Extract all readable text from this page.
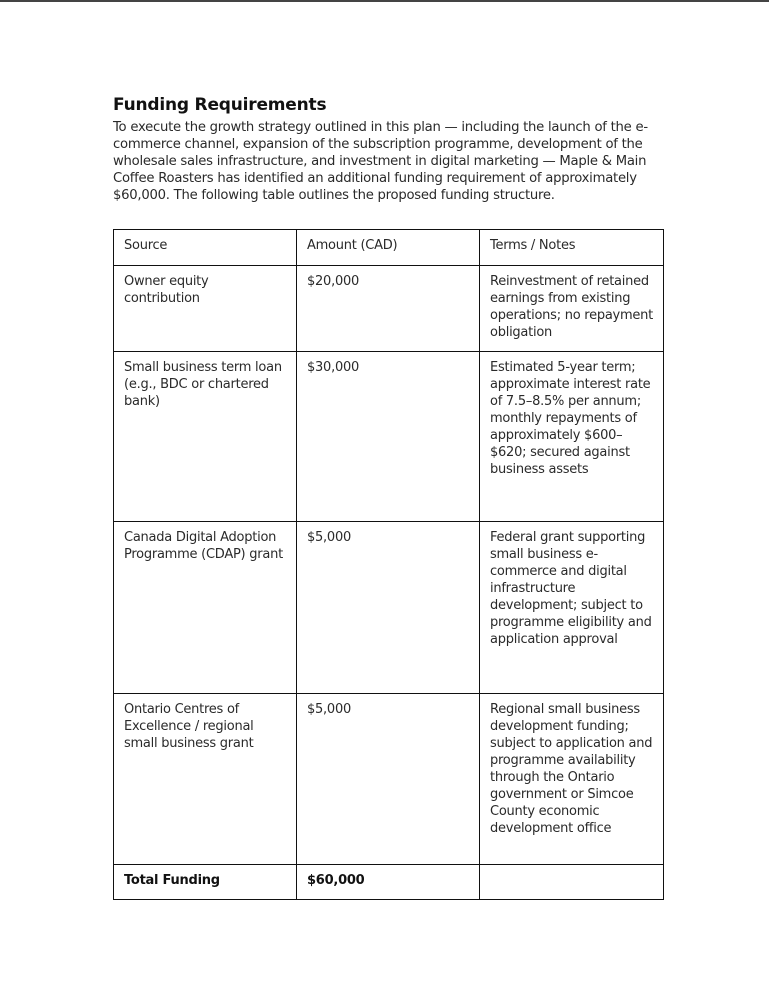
Funding Requirements

To execute the growth strategy outlined in this plan — including the launch of the e-commerce channel, expansion of the subscription programme, development of the wholesale sales infrastructure, and investment in digital marketing — Maple & Main Coffee Roasters has identified an additional funding requirement of approximately $60,000. The following table outlines the proposed funding structure.

Source	Amount (CAD)	Terms / Notes
Owner equity contribution	$20,000	Reinvestment of retained earnings from existing operations; no repayment obligation
Small business term loan (e.g., BDC or chartered bank)	$30,000	Estimated 5-year term; approximate interest rate of 7.5–8.5% per annum; monthly repayments of approximately $600–$620; secured against business assets
Canada Digital Adoption Programme (CDAP) grant	$5,000	Federal grant supporting small business e-commerce and digital infrastructure development; subject to programme eligibility and application approval
Ontario Centres of Excellence / regional small business grant	$5,000	Regional small business development funding; subject to application and programme availability through the Ontario government or Simcoe County economic development office
Total Funding	$60,000	
